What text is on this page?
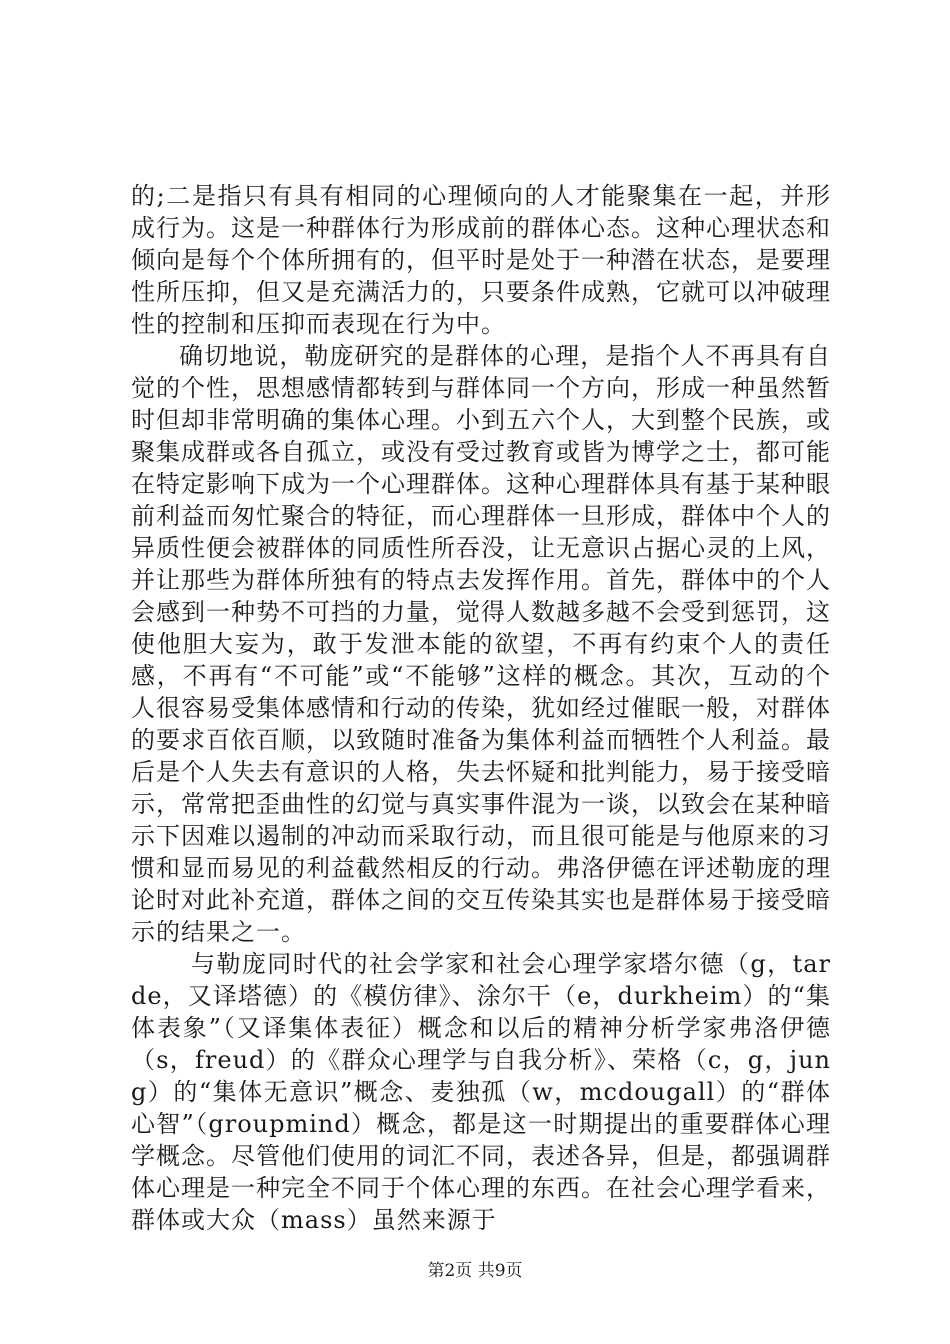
的;二是指只有具有相同的心理倾向的人才能聚集在一起，并形成行为。这是一种群体行为形成前的群体心态。这种心理状态和倾向是每个个体所拥有的，但平时是处于一种潜在状态，是要理性所压抑，但又是充满活力的，只要条件成熟，它就可以冲破理性的控制和压抑而表现在行为中。

确切地说，勒庞研究的是群体的心理，是指个人不再具有自觉的个性，思想感情都转到与群体同一个方向，形成一种虽然暂时但却非常明确的集体心理。小到五六个人，大到整个民族，或聚集成群或各自孤立，或没有受过教育或皆为博学之士，都可能在特定影响下成为一个心理群体。这种心理群体具有基于某种眼前利益而匆忙聚合的特征，而心理群体一旦形成，群体中个人的异质性便会被群体的同质性所吞没，让无意识占据心灵的上风，并让那些为群体所独有的特点去发挥作用。首先，群体中的个人会感到一种势不可挡的力量，觉得人数越多越不会受到惩罚，这使他胆大妄为，敢于发泄本能的欲望，不再有约束个人的责任感，不再有“不可能”或“不能够”这样的概念。其次，互动的个人很容易受集体感情和行动的传染，犹如经过催眠一般，对群体的要求百依百顺，以致随时准备为集体利益而牺牲个人利益。最后是个人失去有意识的人格，失去怀疑和批判能力，易于接受暗示，常常把歪曲性的幻觉与真实事件混为一谈，以致会在某种暗示下因难以遏制的冲动而采取行动，而且很可能是与他原来的习惯和显而易见的利益截然相反的行动。弗洛伊德在评述勒庞的理论时对此补充道，群体之间的交互传染其实也是群体易于接受暗示的结果之一。

与勒庞同时代的社会学家和社会心理学家塔尔德（g，tarde，又译塔德）的《模仿律》、涂尔干（e，durkheim）的“集体表象”（又译集体表征）概念和以后的精神分析学家弗洛伊德（s，freud）的《群众心理学与自我分析》、荣格（c，g，jung）的“集体无意识”概念、麦独孤（w，mcdougall）的“群体心智”（groupmind）概念，都是这一时期提出的重要群体心理学概念。尽管他们使用的词汇不同，表述各异，但是，都强调群体心理是一种完全不同于个体心理的东西。在社会心理学看来，群体或大众（mass）虽然来源于

第2页 共9页
